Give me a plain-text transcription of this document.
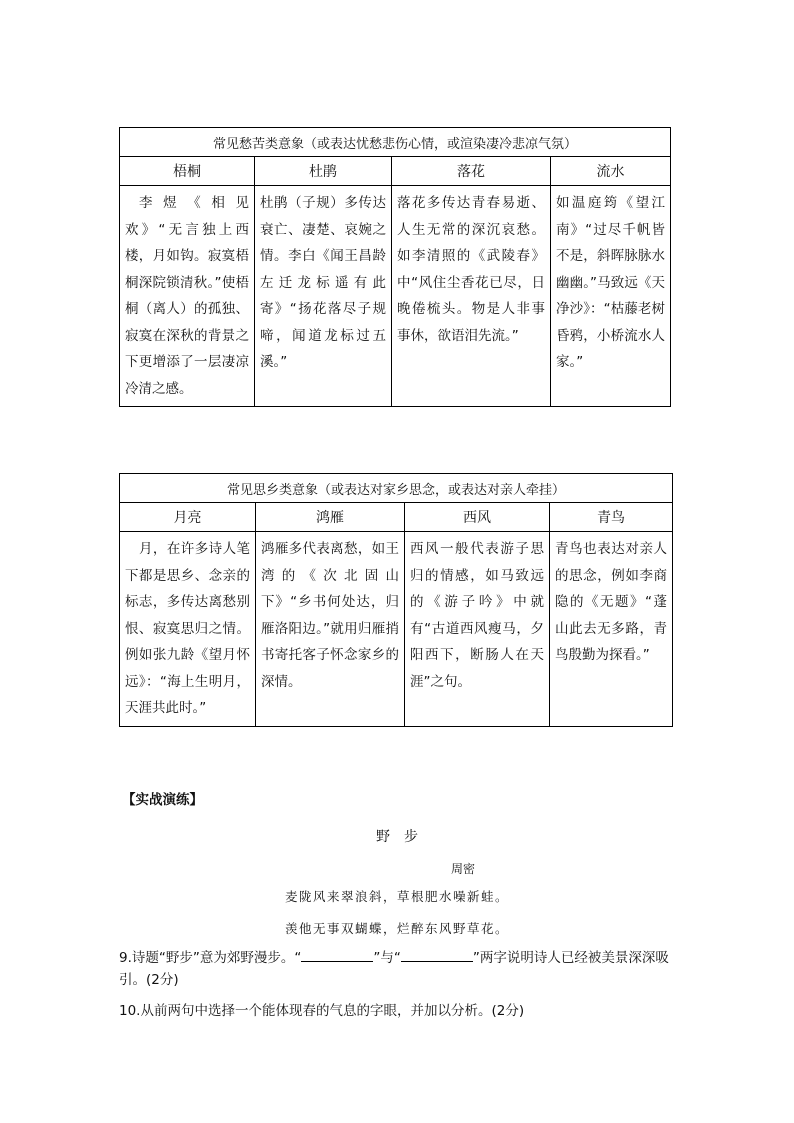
常见愁苦类意象（或表达忧愁悲伤心情，或渲染凄冷悲凉气氛）			
梧桐	杜鹃	落花	流水
李煜《相见欢》“无言独上西楼，月如钩。寂寞梧桐深院锁清秋。”使梧桐（离人）的孤独、寂寞在深秋的背景之下更增添了一层凄凉冷清之感。	杜鹃（子规）多传达衰亡、凄楚、哀婉之情。李白《闻王昌龄左迁龙标遥有此寄》“扬花落尽子规啼，闻道龙标过五溪。”	落花多传达青春易逝、人生无常的深沉哀愁。如李清照的《武陵春》中“风住尘香花已尽，日晚倦梳头。物是人非事事休，欲语泪先流。”	如温庭筠《望江南》“过尽千帆皆不是，斜晖脉脉水幽幽。”马致远《天净沙》：“枯藤老树昏鸦，小桥流水人家。”
常见思乡类意象（或表达对家乡思念，或表达对亲人牵挂）			
月亮	鸿雁	西风	青鸟
月，在许多诗人笔下都是思乡、念亲的标志，多传达离愁别恨、寂寞思归之情。例如张九龄《望月怀远》：“海上生明月，天涯共此时。”	鸿雁多代表离愁，如王湾的《次北固山下》“乡书何处达，归雁洛阳边。”就用归雁捎书寄托客子怀念家乡的深情。	西风一般代表游子思归的情感，如马致远的《游子吟》中就有“古道西风瘦马，夕阳西下，断肠人在天涯”之句。	青鸟也表达对亲人的思念，例如李商隐的《无题》“蓬山此去无多路，青鸟殷勤为探看。”
【实战演练】
野步
周密
麦陇风来翠浪斜，草根肥水噪新蛙。
羡他无事双蝴蝶，烂醉东风野草花。
9.诗题“野步”意为郊野漫步。“	”与“	”两字说明诗人已经被美景深深吸引。(2分)
10.从前两句中选择一个能体现春的气息的字眼，并加以分析。(2分)
